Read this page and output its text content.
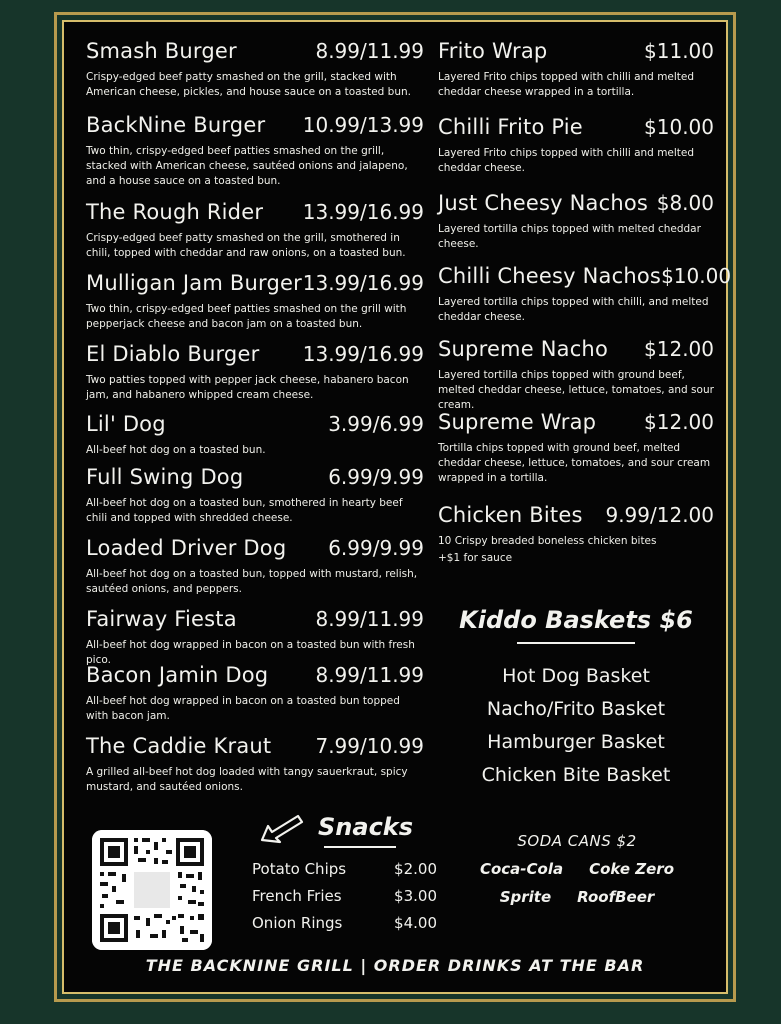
Smash Burger	8.99/11.99

Crispy-edged beef patty smashed on the grill, stacked with American cheese, pickles, and house sauce on a toasted bun.

BackNine Burger 10.99/13.99

Two thin, crispy-edged beef patties smashed on the grill, stacked with American cheese, sautéed onions and jalapeno, and a house sauce on a toasted bun.

The Rough Rider 13.99/16.99

Crispy-edged beef patty smashed on the grill, smothered in chili, topped with cheddar and raw onions, on a toasted bun.

Mulligan Jam Burger 13.99/16.99

Two thin, crispy-edged beef patties smashed on the grill with pepperjack cheese and bacon jam on a toasted bun.

El Diablo Burger 13.99/16.99

Two patties topped with pepper jack cheese, habanero bacon jam, and habanero whipped cream cheese.

Lil' Dog	3.99/6.99

All-beef hot dog on a toasted bun.

Full Swing Dog	6.99/9.99

All-beef hot dog on a toasted bun, smothered in hearty beef chili and topped with shredded cheese.

Loaded Driver Dog 6.99/9.99

All-beef hot dog on a toasted bun, topped with mustard, relish, sautéed onions, and peppers.

Fairway Fiesta	8.99/11.99

All-beef hot dog wrapped in bacon on a toasted bun with fresh pico.

Bacon Jamin Dog 8.99/11.99

All-beef hot dog wrapped in bacon on a toasted bun topped with bacon jam.

The Caddie Kraut 7.99/10.99

A grilled all-beef hot dog loaded with tangy sauerkraut, spicy mustard, and sautéed onions.

Frito Wrap	$11.00

Layered Frito chips topped with chilli and melted cheddar cheese wrapped in a tortilla.

Chilli Frito Pie	$10.00

Layered Frito chips topped with chilli and melted cheddar cheese.

Just Cheesy Nachos $8.00

Layered tortilla chips topped with melted cheddar cheese.

Chilli Cheesy Nachos $10.00

Layered tortilla chips topped with chilli, and melted cheddar cheese.

Supreme Nacho $12.00

Layered tortilla chips topped with ground beef, melted cheddar cheese, lettuce, tomatoes, and sour cream.

Supreme Wrap $12.00

Tortilla chips topped with ground beef, melted cheddar cheese, lettuce, tomatoes, and sour cream wrapped in a tortilla.

Chicken Bites 9.99/12.00

10 Crispy breaded boneless chicken bites

+$1 for sauce

Kiddo Baskets $6
Hot Dog Basket
Nacho/Frito Basket
Hamburger Basket
Chicken Bite Basket
Snacks
Potato Chips	$2.00
French Fries	$3.00
Onion Rings	$4.00
SODA CANS $2
Coca-Cola Coke Zero
Sprite RoofBeer
THE BACKNINE GRILL | ORDER DRINKS AT THE BAR
